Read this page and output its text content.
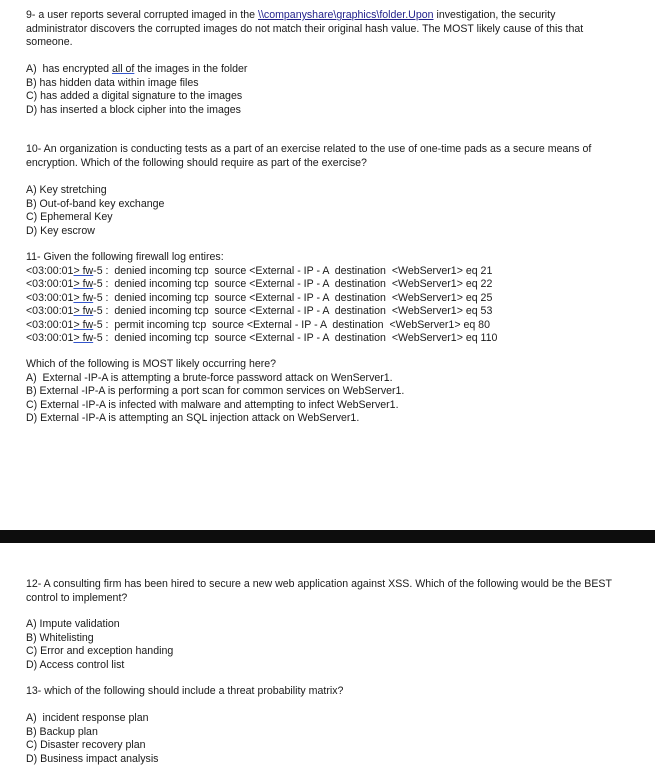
9- a user reports several corrupted imaged in the \\companyshare\graphics\folder.Upon investigation, the security administrator discovers the corrupted images do not match their original hash value. The MOST likely cause of this that someone.
A)  has encrypted all of the images in the folder
B) has hidden data within image files
C) has added a digital signature to the images
D) has inserted a block cipher into the images
10- An organization is conducting tests as a part of an exercise related to the use of one-time pads as a secure means of encryption. Which of the following should require as part of the exercise?
A) Key stretching
B) Out-of-band key exchange
C) Ephemeral Key
D) Key escrow
11- Given the following firewall log entires:
<03:00:01> fw-5 :  denied incoming tcp  source <External - IP - A  destination  <WebServer1> eq 21
<03:00:01> fw-5 :  denied incoming tcp  source <External - IP - A  destination  <WebServer1> eq 22
<03:00:01> fw-5 :  denied incoming tcp  source <External - IP - A  destination  <WebServer1> eq 25
<03:00:01> fw-5 :  denied incoming tcp  source <External - IP - A  destination  <WebServer1> eq 53
<03:00:01> fw-5 :  permit incoming tcp  source <External - IP - A  destination  <WebServer1> eq 80
<03:00:01> fw-5 :  denied incoming tcp  source <External - IP - A  destination  <WebServer1> eq 110
Which of the following is MOST likely occurring here?
A)  External -IP-A is attempting a brute-force password attack on WenServer1.
B) External -IP-A is performing a port scan for common services on WebServer1.
C) External -IP-A is infected with malware and attempting to infect WebServer1.
D) External -IP-A is attempting an SQL injection attack on WebServer1.
12- A consulting firm has been hired to secure a new web application against XSS. Which of the following would be the BEST control to implement?
A) Impute validation
B) Whitelisting
C) Error and exception handing
D) Access control list
13- which of the following should include a threat probability matrix?
A)  incident response plan
B) Backup plan
C) Disaster recovery plan
D) Business impact analysis
